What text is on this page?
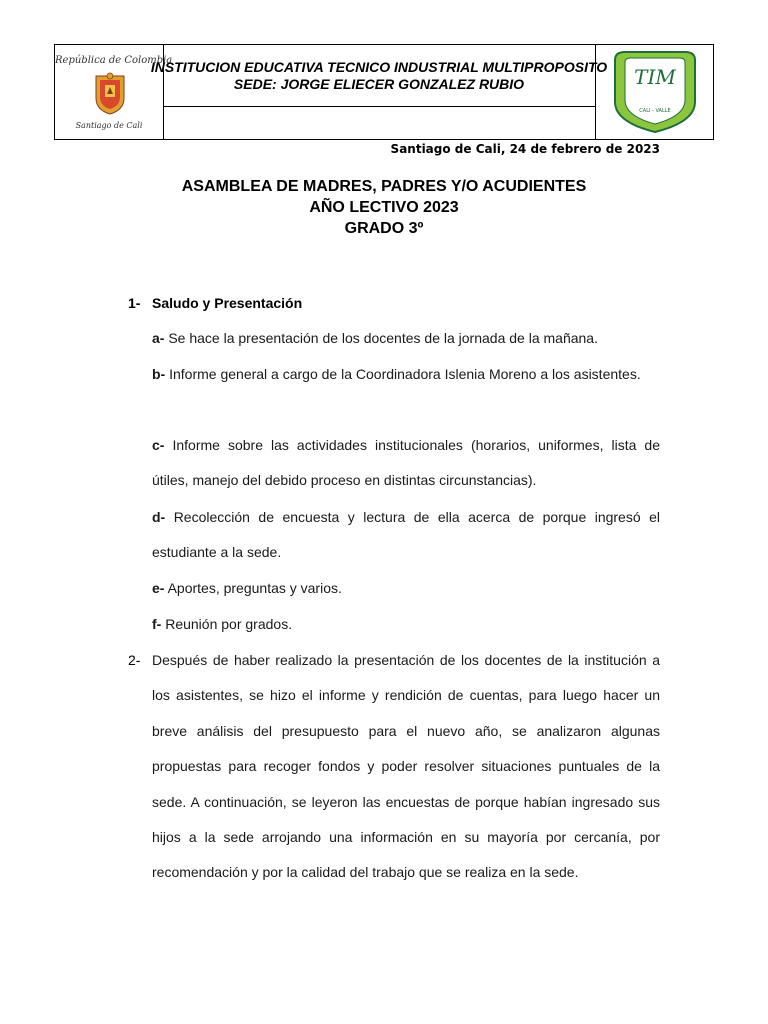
República de Colombia
Santiago de Cali
INSTITUCION EDUCATIVA TECNICO INDUSTRIAL MULTIPROPOSITO
SEDE: JORGE ELIECER GONZALEZ RUBIO	TIM
CALI - VALLE
Santiago de Cali, 24 de febrero de 2023
ASAMBLEA DE MADRES, PADRES Y/O ACUDIENTES
AÑO LECTIVO 2023
GRADO 3º
1- Saludo y Presentación
a- Se hace la presentación de los docentes de la jornada de la mañana.
b- Informe general a cargo de la Coordinadora Islenia Moreno a los asistentes.
c- Informe sobre las actividades institucionales (horarios, uniformes, lista de útiles, manejo del debido proceso en distintas circunstancias).
d- Recolección de encuesta y lectura de ella acerca de porque ingresó el estudiante a la sede.
e- Aportes, preguntas y varios.
f- Reunión por grados.
2- Después de haber realizado la presentación de los docentes de la institución a los asistentes, se hizo el informe y rendición de cuentas, para luego hacer un breve análisis del presupuesto para el nuevo año, se analizaron algunas propuestas para recoger fondos y poder resolver situaciones puntuales de la sede. A continuación, se leyeron las encuestas de porque habían ingresado sus hijos a la sede arrojando una información en su mayoría por cercanía, por recomendación y por la calidad del trabajo que se realiza en la sede.
